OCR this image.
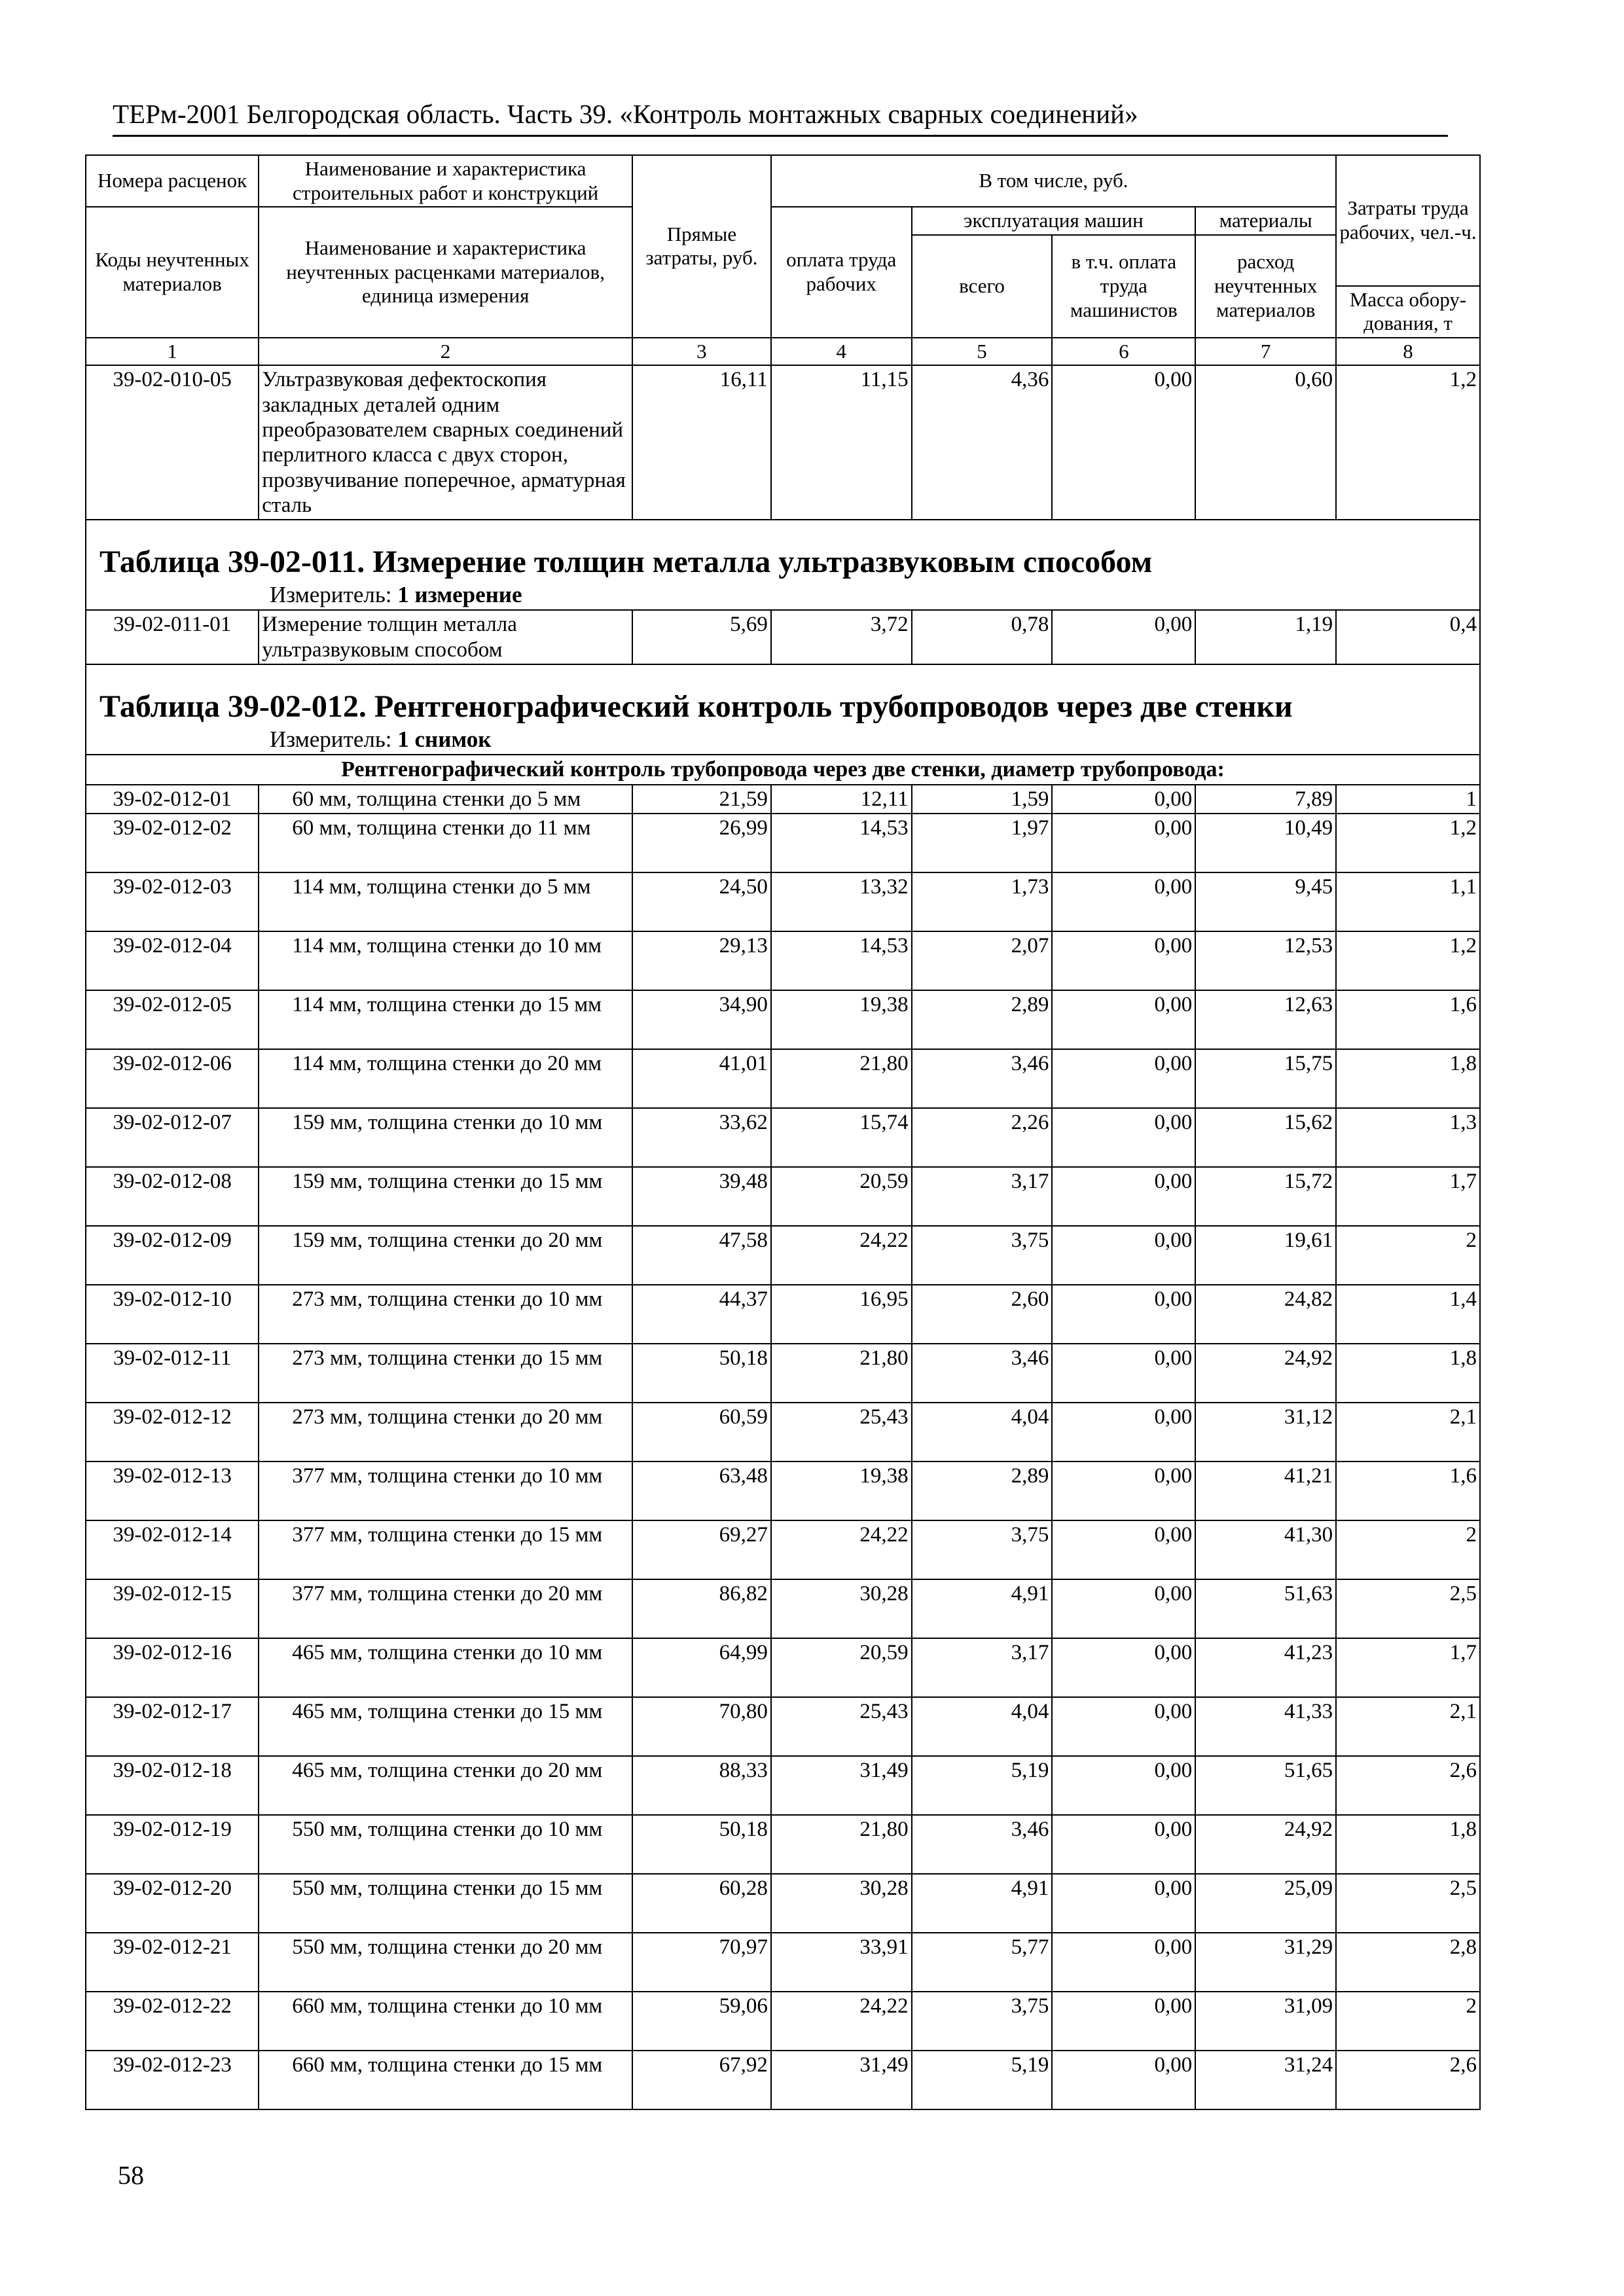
ТЕРм-2001 Белгородская область. Часть 39. «Контроль монтажных сварных соединений»
Номера расценок	Наименование и характеристика строительных работ и конструкций	Прямые затраты, руб.	В том числе, руб.				Затраты труда рабочих, чел.-ч.
Коды неучтенных материалов	Наименование и характеристика неучтенных расценками материалов, единица измерения		оплата труда рабочих	эксплуатация машин		материалы	
				всего	в т.ч. оплата труда машинистов	расход неучтенных материалов	
							Масса обору-дования, т
1	2	3	4	5	6	7	8
39-02-010-05	Ультразвуковая дефектоскопия закладных деталей одним преобразователем сварных соединений перлитного класса с двух сторон, прозвучивание поперечное, арматурная сталь	16,11	11,15	4,36	0,00	0,60	1,2

Таблица 39-02-011. Измерение толщин металла ультразвуковым способом							
Измеритель: 1 измерение							
39-02-011-01	Измерение толщин металла ультразвуковым способом	5,69	3,72	0,78	0,00	1,19	0,4

Таблица 39-02-012. Рентгенографический контроль трубопроводов через две стенки							
Измеритель: 1 снимок							
Рентгенографический контроль трубопровода через две стенки, диаметр трубопровода:							
39-02-012-01	60 мм, толщина стенки до 5 мм	21,59	12,11	1,59	0,00	7,89	1
39-02-012-02	60 мм, толщина стенки до 11 мм	26,99	14,53	1,97	0,00	10,49	1,2
39-02-012-03	114 мм, толщина стенки до 5 мм	24,50	13,32	1,73	0,00	9,45	1,1
39-02-012-04	114 мм, толщина стенки до 10 мм	29,13	14,53	2,07	0,00	12,53	1,2
39-02-012-05	114 мм, толщина стенки до 15 мм	34,90	19,38	2,89	0,00	12,63	1,6
39-02-012-06	114 мм, толщина стенки до 20 мм	41,01	21,80	3,46	0,00	15,75	1,8
39-02-012-07	159 мм, толщина стенки до 10 мм	33,62	15,74	2,26	0,00	15,62	1,3
39-02-012-08	159 мм, толщина стенки до 15 мм	39,48	20,59	3,17	0,00	15,72	1,7
39-02-012-09	159 мм, толщина стенки до 20 мм	47,58	24,22	3,75	0,00	19,61	2
39-02-012-10	273 мм, толщина стенки до 10 мм	44,37	16,95	2,60	0,00	24,82	1,4
39-02-012-11	273 мм, толщина стенки до 15 мм	50,18	21,80	3,46	0,00	24,92	1,8
39-02-012-12	273 мм, толщина стенки до 20 мм	60,59	25,43	4,04	0,00	31,12	2,1
39-02-012-13	377 мм, толщина стенки до 10 мм	63,48	19,38	2,89	0,00	41,21	1,6
39-02-012-14	377 мм, толщина стенки до 15 мм	69,27	24,22	3,75	0,00	41,30	2
39-02-012-15	377 мм, толщина стенки до 20 мм	86,82	30,28	4,91	0,00	51,63	2,5
39-02-012-16	465 мм, толщина стенки до 10 мм	64,99	20,59	3,17	0,00	41,23	1,7
39-02-012-17	465 мм, толщина стенки до 15 мм	70,80	25,43	4,04	0,00	41,33	2,1
39-02-012-18	465 мм, толщина стенки до 20 мм	88,33	31,49	5,19	0,00	51,65	2,6
39-02-012-19	550 мм, толщина стенки до 10 мм	50,18	21,80	3,46	0,00	24,92	1,8
39-02-012-20	550 мм, толщина стенки до 15 мм	60,28	30,28	4,91	0,00	25,09	2,5
39-02-012-21	550 мм, толщина стенки до 20 мм	70,97	33,91	5,77	0,00	31,29	2,8
39-02-012-22	660 мм, толщина стенки до 10 мм	59,06	24,22	3,75	0,00	31,09	2
39-02-012-23	660 мм, толщина стенки до 15 мм	67,92	31,49	5,19	0,00	31,24	2,6
58
